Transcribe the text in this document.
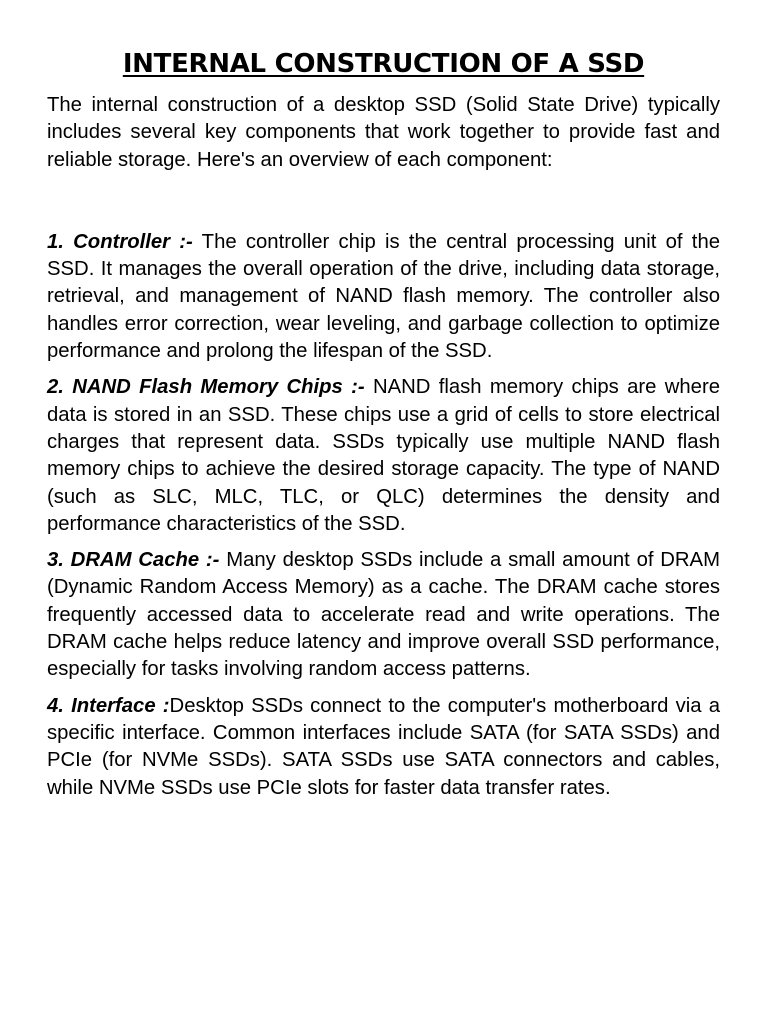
INTERNAL CONSTRUCTION OF A SSD

The internal construction of a desktop SSD (Solid State Drive) typically includes several key components that work together to provide fast and reliable storage. Here's an overview of each component:

1. Controller :- The controller chip is the central processing unit of the SSD. It manages the overall operation of the drive, including data storage, retrieval, and management of NAND flash memory. The controller also handles error correction, wear leveling, and garbage collection to optimize performance and prolong the lifespan of the SSD.

2. NAND Flash Memory Chips :- NAND flash memory chips are where data is stored in an SSD. These chips use a grid of cells to store electrical charges that represent data. SSDs typically use multiple NAND flash memory chips to achieve the desired storage capacity. The type of NAND (such as SLC, MLC, TLC, or QLC) determines the density and performance characteristics of the SSD.

3. DRAM Cache :- Many desktop SSDs include a small amount of DRAM (Dynamic Random Access Memory) as a cache. The DRAM cache stores frequently accessed data to accelerate read and write operations. The DRAM cache helps reduce latency and improve overall SSD performance, especially for tasks involving random access patterns.

4. Interface :Desktop SSDs connect to the computer's motherboard via a specific interface. Common interfaces include SATA (for SATA SSDs) and PCIe (for NVMe SSDs). SATA SSDs use SATA connectors and cables, while NVMe SSDs use PCIe slots for faster data transfer rates.
